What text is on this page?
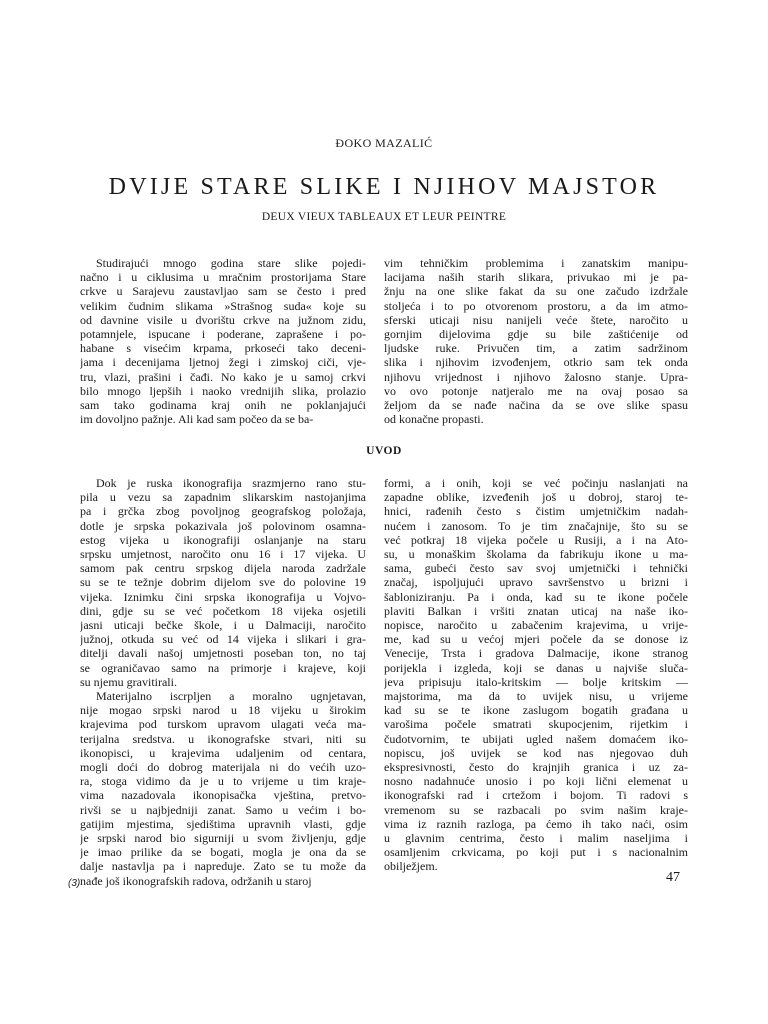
ĐOKO MAZALIĆ
DVIJE STARE SLIKE I NJIHOV MAJSTOR
DEUX VIEUX TABLEAUX ET LEUR PEINTRE
Studirajući mnogo godina stare slike pojedi-
načno i u ciklusima u mračnim prostorijama Stare
crkve u Sarajevu zaustavljao sam se često i pred
velikim čudnim slikama »Strašnog suda« koje su
od davnine visile u dvorištu crkve na južnom zidu,
potamnjele, ispucane i poderane, zaprašene i po-
habane s visećim krpama, prkoseći tako deceni-
jama i decenijama ljetnoj žegi i zimskoj ciči, vje-
tru, vlazi, prašini i čađi. No kako je u samoj crkvi
bilo mnogo ljepših i naoko vrednijih slika, prolazio
sam tako godinama kraj onih ne poklanjajući
im dovoljno pažnje. Ali kad sam počeo da se ba-
vim tehničkim problemima i zanatskim manipu-
lacijama naših starih slikara, privukao mi je pa-
žnju na one slike fakat da su one začudo izdržale
stoljeća i to po otvorenom prostoru, a da im atmo-
sferski uticaji nisu nanijeli veće štete, naročito u
gornjim dijelovima gdje su bile zaštićenije od
ljudske ruke. Privučen tim, a zatim sadržinom
slika i njihovim izvođenjem, otkrio sam tek onda
njihovu vrijednost i njihovo žalosno stanje. Upra-
vo ovo potonje natjeralo me na ovaj posao sa
željom da se nađe načina da se ove slike spasu
od konačne propasti.
UVOD
Dok je ruska ikonografija srazmjerno rano stu-
pila u vezu sa zapadnim slikarskim nastojanjima
pa i grčka zbog povoljnog geografskog položaja,
dotle je srpska pokazivala još polovinom osamna-
estog vijeka u ikonografiji oslanjanje na staru
srpsku umjetnost, naročito onu 16 i 17 vijeka. U
samom pak centru srpskog dijela naroda zadržale
su se te težnje dobrim dijelom sve do polovine 19
vijeka. Iznimku čini srpska ikonografija u Vojvo-
dini, gdje su se već početkom 18 vijeka osjetili
jasni uticaji bečke škole, i u Dalmaciji, naročito
južnoj, otkuda su već od 14 vijeka i slikari i gra-
ditelji davali našoj umjetnosti poseban ton, no taj
se ograničavao samo na primorje i krajeve, koji
su njemu gravitirali.
Materijalno iscrpljen a moralno ugnjetavan,
nije mogao srpski narod u 18 vijeku u širokim
krajevima pod turskom upravom ulagati veća ma-
terijalna sredstva. u ikonografske stvari, niti su
ikonopisci, u krajevima udaljenim od centara,
mogli doći do dobrog materijala ni do većih uzo-
ra, stoga vidimo da je u to vrijeme u tim kraje-
vima nazadovala ikonopisačka vještina, pretvo-
rivši se u najbjedniji zanat. Samo u većim i bo-
gatijim mjestima, sjedištima upravnih vlasti, gdje
je srpski narod bio sigurniji u svom življenju, gdje
je imao prilike da se bogati, mogla je ona da se
dalje nastavlja pa i napreduje. Zato se tu može da
nađe još ikonografskih radova, održanih u staroj
formi, a i onih, koji se već počinju naslanjati na
zapadne oblike, izveđenih još u dobroj, staroj te-
hnici, rađenih često s čistim umjetničkim nadah-
nućem i zanosom. To je tim značajnije, što su se
već potkraj 18 vijeka počele u Rusiji, a i na Ato-
su, u monaškim školama da fabrikuju ikone u ma-
sama, gubeći često sav svoj umjetnički i tehnički
značaj, ispoljujući upravo savršenstvo u brizni i
šabloniziranju. Pa i onda, kad su te ikone počele
plaviti Balkan i vršiti znatan uticaj na naše iko-
nopisce, naročito u zabačenim krajevima, u vrije-
me, kad su u većoj mjeri počele da se donose iz
Venecije, Trsta i gradova Dalmacije, ikone stranog
porijekla i izgleda, koji se danas u najviše sluča-
jeva pripisuju italo-kritskim — bolje kritskim —
majstorima, ma da to uvijek nisu, u vrijeme
kad su se te ikone zaslugom bogatih građana u
varošima počele smatrati skupocjenim, rijetkim i
čudotvornim, te ubijati ugled našem domaćem iko-
nopiscu, još uvijek se kod nas njegovao duh
ekspresivnosti, često do krajnjih granica i uz za-
nosno nadahnuće unosio i po koji lični elemenat u
ikonografski rad i crtežom i bojom. Ti radovi s
vremenom su se razbacali po svim našim kraje-
vima iz raznih razloga, pa ćemo ih tako naći, osim
u glavnim centrima, često i malim naseljima i
osamljenim crkvicama, po koji put i s nacionalnim
obilježjem.
(3)	47
